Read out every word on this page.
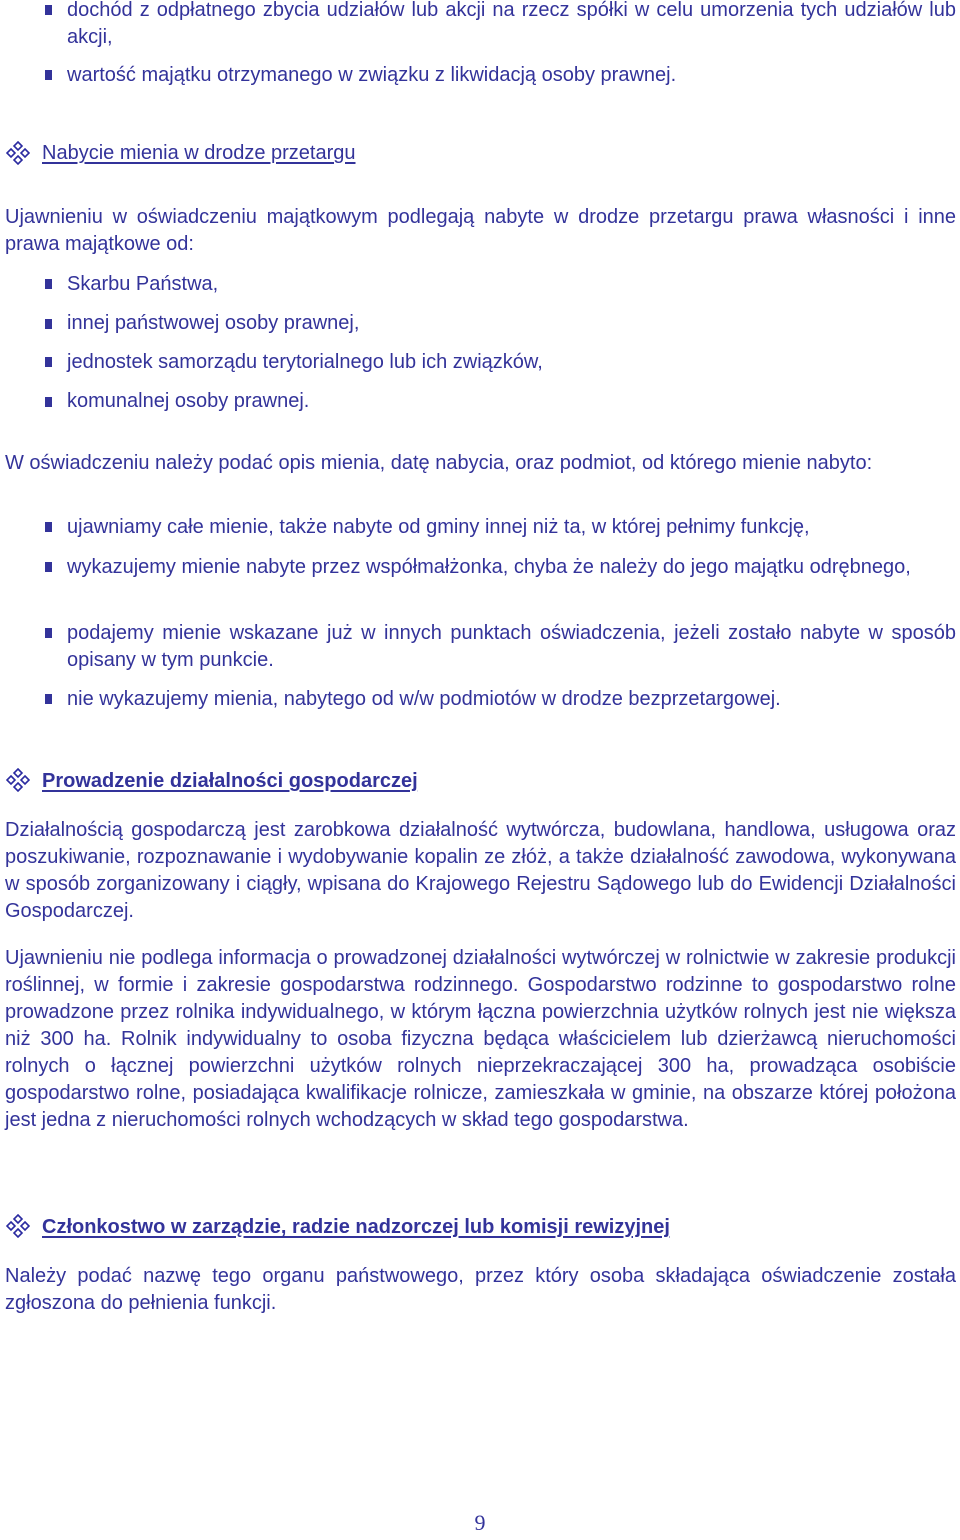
dochód z odpłatnego zbycia udziałów lub akcji na rzecz spółki w celu umorzenia tych udziałów lub akcji,
wartość majątku otrzymanego w związku z likwidacją osoby prawnej.
Nabycie mienia w drodze przetargu
Ujawnieniu w oświadczeniu majątkowym podlegają nabyte w drodze przetargu prawa własności i inne prawa majątkowe od:
Skarbu Państwa,
innej państwowej osoby prawnej,
jednostek samorządu terytorialnego lub ich związków,
komunalnej osoby prawnej.
W oświadczeniu należy podać opis mienia, datę nabycia, oraz podmiot, od którego mienie nabyto:
ujawniamy całe mienie, także nabyte od gminy innej niż ta, w której pełnimy funkcję,
wykazujemy mienie nabyte przez współmałżonka, chyba że należy do jego majątku odrębnego,
podajemy mienie wskazane już w innych punktach oświadczenia, jeżeli zostało nabyte w sposób opisany w tym punkcie.
nie wykazujemy mienia, nabytego od w/w podmiotów w drodze bezprzetargowej.
Prowadzenie działalności gospodarczej
Działalnością gospodarczą jest zarobkowa działalność wytwórcza, budowlana, handlowa, usługowa oraz poszukiwanie, rozpoznawanie i wydobywanie kopalin ze złóż, a także działalność zawodowa, wykonywana w sposób zorganizowany i ciągły, wpisana do Krajowego Rejestru Sądowego lub do Ewidencji Działalności Gospodarczej.
Ujawnieniu nie podlega informacja o prowadzonej działalności wytwórczej w rolnictwie w zakresie produkcji roślinnej, w formie i zakresie gospodarstwa rodzinnego. Gospodarstwo rodzinne to gospodarstwo rolne prowadzone przez rolnika indywidualnego, w którym łączna powierzchnia użytków rolnych jest nie większa niż 300 ha. Rolnik indywidualny to osoba fizyczna będąca właścicielem lub dzierżawcą nieruchomości rolnych o łącznej powierzchni użytków rolnych nieprzekraczającej 300 ha, prowadząca osobiście gospodarstwo rolne, posiadająca kwalifikacje rolnicze, zamieszkała w gminie, na obszarze której położona jest jedna z nieruchomości rolnych wchodzących w skład tego gospodarstwa.
Członkostwo w zarządzie, radzie nadzorczej lub komisji rewizyjnej
Należy podać nazwę tego organu państwowego, przez który osoba składająca oświadczenie została zgłoszona do pełnienia funkcji.
9
